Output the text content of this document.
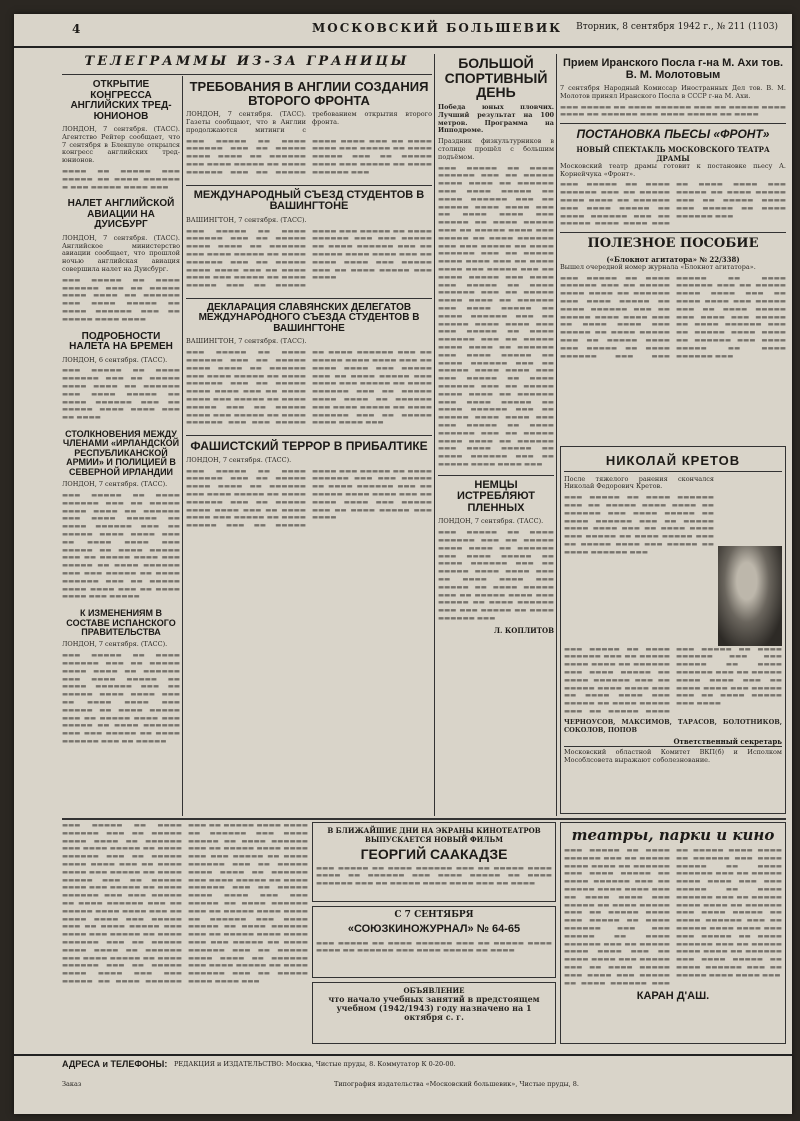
4	МОСКОВСКИЙ БОЛЬШЕВИК Вторник, 8 сентября 1942 г., № 211 (1103)
ТЕЛЕГРАММЫ ИЗ-ЗА ГРАНИЦЫ
ОТКРЫТИЕ КОНГРЕССА АНГЛИЙСКИХ ТРЕД-ЮНИОНОВ

ЛОНДОН, 7 сентября. (ТАСС). Агентство Рейтер сообщает, что 7 сентября в Блекпуле открылся конгресс английских тред-юнионов.

▬▬▬▬ ▬▬ ▬▬▬▬▬ ▬▬▬ ▬▬▬▬▬ ▬▬ ▬▬▬▬ ▬▬▬▬▬▬ ▬ ▬▬▬ ▬▬▬▬▬ ▬▬▬▬ ▬▬▬

НАЛЕТ АНГЛИЙСКОЙ АВИАЦИИ НА ДУИСБУРГ

ЛОНДОН, 7 сентября. (ТАСС). Английское министерство авиации сообщает, что прошлой ночью английская авиация совершила налет на Дуисбург.

▬▬▬ ▬▬▬▬▬ ▬▬ ▬▬▬▬ ▬▬▬▬▬▬ ▬▬▬ ▬▬ ▬▬▬▬▬ ▬▬▬▬ ▬▬▬▬ ▬▬ ▬▬▬▬▬▬ ▬▬▬ ▬▬▬▬ ▬▬▬▬▬ ▬▬ ▬▬▬▬ ▬▬▬▬▬▬ ▬▬▬ ▬▬ ▬▬▬▬▬ ▬▬▬▬ ▬▬▬▬

ПОДРОБНОСТИ НАЛЕТА НА БРЕМЕН

ЛОНДОН, 6 сентября. (ТАСС).

▬▬▬ ▬▬▬▬▬ ▬▬ ▬▬▬▬ ▬▬▬▬▬▬ ▬▬▬ ▬▬ ▬▬▬▬▬ ▬▬▬▬ ▬▬▬▬ ▬▬ ▬▬▬▬▬▬ ▬▬▬ ▬▬▬▬ ▬▬▬▬▬ ▬▬ ▬▬▬▬ ▬▬▬▬▬▬ ▬▬▬ ▬▬ ▬▬▬▬▬ ▬▬▬▬ ▬▬▬▬ ▬▬▬ ▬▬ ▬▬▬▬

СТОЛКНОВЕНИЯ МЕЖДУ ЧЛЕНАМИ «ИРЛАНДСКОЙ РЕСПУБЛИКАНСКОЙ АРМИИ» И ПОЛИЦИЕЙ В СЕВЕРНОЙ ИРЛАНДИИ

ЛОНДОН, 7 сентября. (ТАСС).

▬▬▬ ▬▬▬▬▬ ▬▬ ▬▬▬▬ ▬▬▬▬▬▬ ▬▬▬ ▬▬ ▬▬▬▬▬ ▬▬▬▬ ▬▬▬▬ ▬▬ ▬▬▬▬▬▬ ▬▬▬ ▬▬▬▬ ▬▬▬▬▬ ▬▬ ▬▬▬▬ ▬▬▬▬▬▬ ▬▬▬ ▬▬ ▬▬▬▬▬ ▬▬▬▬ ▬▬▬▬ ▬▬▬ ▬▬ ▬▬▬▬ ▬▬▬▬ ▬▬▬ ▬▬▬▬▬ ▬▬ ▬▬▬▬ ▬▬▬▬▬ ▬▬▬ ▬▬ ▬▬▬▬▬ ▬▬▬▬ ▬▬▬ ▬▬▬▬▬ ▬▬ ▬▬▬▬ ▬▬▬▬▬▬ ▬▬▬ ▬▬▬ ▬▬▬▬▬ ▬▬ ▬▬▬▬ ▬▬▬▬▬▬ ▬▬▬ ▬▬ ▬▬▬▬▬ ▬▬▬▬ ▬▬▬▬ ▬▬▬ ▬▬ ▬▬▬▬ ▬▬▬▬ ▬▬▬ ▬▬▬▬▬

К ИЗМЕНЕНИЯМ В СОСТАВЕ ИСПАНСКОГО ПРАВИТЕЛЬСТВА

ЛОНДОН, 7 сентября. (ТАСС).

▬▬▬ ▬▬▬▬▬ ▬▬ ▬▬▬▬ ▬▬▬▬▬▬ ▬▬▬ ▬▬ ▬▬▬▬▬ ▬▬▬▬ ▬▬▬▬ ▬▬ ▬▬▬▬▬▬ ▬▬▬ ▬▬▬▬ ▬▬▬▬▬ ▬▬ ▬▬▬▬ ▬▬▬▬▬▬ ▬▬▬ ▬▬ ▬▬▬▬▬ ▬▬▬▬ ▬▬▬▬ ▬▬▬ ▬▬ ▬▬▬▬ ▬▬▬▬ ▬▬▬ ▬▬▬▬▬ ▬▬ ▬▬▬▬ ▬▬▬▬▬ ▬▬▬ ▬▬ ▬▬▬▬▬ ▬▬▬▬ ▬▬▬ ▬▬▬▬▬ ▬▬ ▬▬▬▬ ▬▬▬▬▬▬ ▬▬▬ ▬▬▬ ▬▬▬▬▬ ▬▬ ▬▬▬▬ ▬▬▬▬▬▬ ▬▬▬ ▬▬ ▬▬▬▬▬

ТРЕБОВАНИЯ В АНГЛИИ СОЗДАНИЯ ВТОРОГО ФРОНТА

ЛОНДОН, 7 сентября. (ТАСС). Газеты сообщают, что в Англии продолжаются митинги с требованием открытия второго фронта.

▬▬▬ ▬▬▬▬▬ ▬▬ ▬▬▬▬ ▬▬▬▬▬▬ ▬▬▬ ▬▬ ▬▬▬▬▬ ▬▬▬▬ ▬▬▬▬ ▬▬ ▬▬▬▬▬▬ ▬▬▬ ▬▬▬▬ ▬▬▬▬▬ ▬▬ ▬▬▬▬ ▬▬▬▬▬▬ ▬▬▬ ▬▬ ▬▬▬▬▬ ▬▬▬▬ ▬▬▬▬ ▬▬▬ ▬▬ ▬▬▬▬ ▬▬▬▬ ▬▬▬ ▬▬▬▬▬ ▬▬ ▬▬▬▬ ▬▬▬▬▬ ▬▬▬ ▬▬ ▬▬▬▬▬ ▬▬▬▬ ▬▬▬ ▬▬▬▬▬ ▬▬ ▬▬▬▬ ▬▬▬▬▬▬ ▬▬▬

МЕЖДУНАРОДНЫЙ СЪЕЗД СТУДЕНТОВ В ВАШИНГТОНЕ

ВАШИНГТОН, 7 сентября. (ТАСС).

▬▬▬ ▬▬▬▬▬ ▬▬ ▬▬▬▬ ▬▬▬▬▬▬ ▬▬▬ ▬▬ ▬▬▬▬▬ ▬▬▬▬ ▬▬▬▬ ▬▬ ▬▬▬▬▬▬ ▬▬▬ ▬▬▬▬ ▬▬▬▬▬ ▬▬ ▬▬▬▬ ▬▬▬▬▬▬ ▬▬▬ ▬▬ ▬▬▬▬▬ ▬▬▬▬ ▬▬▬▬ ▬▬▬ ▬▬ ▬▬▬▬ ▬▬▬▬ ▬▬▬ ▬▬▬▬▬ ▬▬ ▬▬▬▬ ▬▬▬▬▬ ▬▬▬ ▬▬ ▬▬▬▬▬ ▬▬▬▬ ▬▬▬ ▬▬▬▬▬ ▬▬ ▬▬▬▬ ▬▬▬▬▬▬ ▬▬▬ ▬▬▬ ▬▬▬▬▬ ▬▬ ▬▬▬▬ ▬▬▬▬▬▬ ▬▬▬ ▬▬ ▬▬▬▬▬ ▬▬▬▬ ▬▬▬▬ ▬▬▬ ▬▬ ▬▬▬▬ ▬▬▬▬ ▬▬▬ ▬▬▬▬▬ ▬▬▬ ▬▬ ▬▬▬▬ ▬▬▬▬▬ ▬▬▬ ▬▬▬▬

ДЕКЛАРАЦИЯ СЛАВЯНСКИХ ДЕЛЕГАТОВ МЕЖДУНАРОДНОГО СЪЕЗДА СТУДЕНТОВ В ВАШИНГТОНЕ

ВАШИНГТОН, 7 сентября. (ТАСС).

▬▬▬ ▬▬▬▬▬ ▬▬ ▬▬▬▬ ▬▬▬▬▬▬ ▬▬▬ ▬▬ ▬▬▬▬▬ ▬▬▬▬ ▬▬▬▬ ▬▬ ▬▬▬▬▬▬ ▬▬▬ ▬▬▬▬ ▬▬▬▬▬ ▬▬ ▬▬▬▬ ▬▬▬▬▬▬ ▬▬▬ ▬▬ ▬▬▬▬▬ ▬▬▬▬ ▬▬▬▬ ▬▬▬ ▬▬ ▬▬▬▬ ▬▬▬▬ ▬▬▬ ▬▬▬▬▬ ▬▬ ▬▬▬▬ ▬▬▬▬▬ ▬▬▬ ▬▬ ▬▬▬▬▬ ▬▬▬▬ ▬▬▬ ▬▬▬▬▬ ▬▬ ▬▬▬▬ ▬▬▬▬▬▬ ▬▬▬ ▬▬▬ ▬▬▬▬▬ ▬▬ ▬▬▬▬ ▬▬▬▬▬▬ ▬▬▬ ▬▬ ▬▬▬▬▬ ▬▬▬▬ ▬▬▬▬ ▬▬▬ ▬▬ ▬▬▬▬ ▬▬▬▬ ▬▬▬ ▬▬▬▬▬ ▬▬▬ ▬▬ ▬▬▬▬ ▬▬▬▬▬ ▬▬▬ ▬▬▬▬ ▬▬▬ ▬▬▬▬▬ ▬▬ ▬▬▬▬ ▬▬▬▬▬▬ ▬▬▬ ▬▬ ▬▬▬▬▬ ▬▬▬▬ ▬▬▬▬ ▬▬ ▬▬▬▬▬▬ ▬▬▬ ▬▬▬▬ ▬▬▬▬▬ ▬▬ ▬▬▬▬ ▬▬▬▬▬▬ ▬▬▬ ▬▬ ▬▬▬▬▬ ▬▬▬▬ ▬▬▬▬ ▬▬▬

ФАШИСТСКИЙ ТЕРРОР В ПРИБАЛТИКЕ

ЛОНДОН, 7 сентября. (ТАСС).

▬▬▬ ▬▬▬▬▬ ▬▬ ▬▬▬▬ ▬▬▬▬▬▬ ▬▬▬ ▬▬ ▬▬▬▬▬ ▬▬▬▬ ▬▬▬▬ ▬▬ ▬▬▬▬▬▬ ▬▬▬ ▬▬▬▬ ▬▬▬▬▬ ▬▬ ▬▬▬▬ ▬▬▬▬▬▬ ▬▬▬ ▬▬ ▬▬▬▬▬ ▬▬▬▬ ▬▬▬▬ ▬▬▬ ▬▬ ▬▬▬▬ ▬▬▬▬ ▬▬▬ ▬▬▬▬▬ ▬▬ ▬▬▬▬ ▬▬▬▬▬ ▬▬▬ ▬▬ ▬▬▬▬▬ ▬▬▬▬ ▬▬▬ ▬▬▬▬▬ ▬▬ ▬▬▬▬ ▬▬▬▬▬▬ ▬▬▬ ▬▬▬ ▬▬▬▬▬ ▬▬ ▬▬▬▬ ▬▬▬▬▬▬ ▬▬▬ ▬▬ ▬▬▬▬▬ ▬▬▬▬ ▬▬▬▬ ▬▬▬ ▬▬ ▬▬▬▬ ▬▬▬▬ ▬▬▬ ▬▬▬▬▬ ▬▬▬ ▬▬ ▬▬▬▬ ▬▬▬▬▬ ▬▬▬ ▬▬▬▬

БОЛЬШОЙ СПОРТИВНЫЙ ДЕНЬ

Победа юных пловчих. Лучший результат на 100 метров. Программа на Ипподроме.

Праздник физкультурников в столице прошёл с большим подъёмом.

▬▬▬ ▬▬▬▬▬ ▬▬ ▬▬▬▬ ▬▬▬▬▬▬ ▬▬▬ ▬▬ ▬▬▬▬▬ ▬▬▬▬ ▬▬▬▬ ▬▬ ▬▬▬▬▬▬ ▬▬▬ ▬▬▬▬ ▬▬▬▬▬ ▬▬ ▬▬▬▬ ▬▬▬▬▬▬ ▬▬▬ ▬▬ ▬▬▬▬▬ ▬▬▬▬ ▬▬▬▬ ▬▬▬ ▬▬ ▬▬▬▬ ▬▬▬▬ ▬▬▬ ▬▬▬▬▬ ▬▬ ▬▬▬▬ ▬▬▬▬▬ ▬▬▬ ▬▬ ▬▬▬▬▬ ▬▬▬▬ ▬▬▬ ▬▬▬▬▬ ▬▬ ▬▬▬▬ ▬▬▬▬▬▬ ▬▬▬ ▬▬▬ ▬▬▬▬▬ ▬▬ ▬▬▬▬ ▬▬▬▬▬▬ ▬▬▬ ▬▬ ▬▬▬▬▬ ▬▬▬▬ ▬▬▬▬ ▬▬▬ ▬▬ ▬▬▬▬ ▬▬▬▬ ▬▬▬ ▬▬▬▬▬ ▬▬▬ ▬▬ ▬▬▬▬ ▬▬▬▬▬ ▬▬▬ ▬▬▬▬ ▬▬▬ ▬▬▬▬▬ ▬▬ ▬▬▬▬ ▬▬▬▬▬▬ ▬▬▬ ▬▬ ▬▬▬▬▬ ▬▬▬▬ ▬▬▬▬ ▬▬ ▬▬▬▬▬▬ ▬▬▬ ▬▬▬▬ ▬▬▬▬▬ ▬▬ ▬▬▬▬ ▬▬▬▬▬▬ ▬▬▬ ▬▬ ▬▬▬▬▬ ▬▬▬▬ ▬▬▬▬ ▬▬▬ ▬▬▬ ▬▬▬▬▬ ▬▬ ▬▬▬▬ ▬▬▬▬▬▬ ▬▬▬ ▬▬ ▬▬▬▬▬ ▬▬▬▬ ▬▬▬▬ ▬▬ ▬▬▬▬▬▬ ▬▬▬ ▬▬▬▬ ▬▬▬▬▬ ▬▬ ▬▬▬▬ ▬▬▬▬▬▬ ▬▬▬ ▬▬ ▬▬▬▬▬ ▬▬▬▬ ▬▬▬▬ ▬▬▬ ▬▬▬ ▬▬▬▬▬ ▬▬ ▬▬▬▬ ▬▬▬▬▬▬ ▬▬▬ ▬▬ ▬▬▬▬▬ ▬▬▬▬ ▬▬▬▬ ▬▬ ▬▬▬▬▬▬ ▬▬▬ ▬▬▬▬ ▬▬▬▬▬ ▬▬ ▬▬▬▬ ▬▬▬▬▬▬ ▬▬▬ ▬▬ ▬▬▬▬▬ ▬▬▬▬ ▬▬▬▬ ▬▬▬ ▬▬▬ ▬▬▬▬▬ ▬▬ ▬▬▬▬ ▬▬▬▬▬▬ ▬▬▬ ▬▬ ▬▬▬▬▬ ▬▬▬▬ ▬▬▬▬ ▬▬ ▬▬▬▬▬▬ ▬▬▬ ▬▬▬▬ ▬▬▬▬▬ ▬▬ ▬▬▬▬ ▬▬▬▬▬▬ ▬▬▬ ▬▬ ▬▬▬▬▬ ▬▬▬▬ ▬▬▬▬ ▬▬▬

НЕМЦЫ ИСТРЕБЛЯЮТ ПЛЕННЫХ

ЛОНДОН, 7 сентября. (ТАСС).

▬▬▬ ▬▬▬▬▬ ▬▬ ▬▬▬▬ ▬▬▬▬▬▬ ▬▬▬ ▬▬ ▬▬▬▬▬ ▬▬▬▬ ▬▬▬▬ ▬▬ ▬▬▬▬▬▬ ▬▬▬ ▬▬▬▬ ▬▬▬▬▬ ▬▬ ▬▬▬▬ ▬▬▬▬▬▬ ▬▬▬ ▬▬ ▬▬▬▬▬ ▬▬▬▬ ▬▬▬▬ ▬▬▬ ▬▬ ▬▬▬▬ ▬▬▬▬ ▬▬▬ ▬▬▬▬▬ ▬▬ ▬▬▬▬ ▬▬▬▬▬ ▬▬▬ ▬▬ ▬▬▬▬▬ ▬▬▬▬ ▬▬▬ ▬▬▬▬▬ ▬▬ ▬▬▬▬ ▬▬▬▬▬▬ ▬▬▬ ▬▬▬ ▬▬▬▬▬ ▬▬ ▬▬▬▬ ▬▬▬▬▬▬ ▬▬▬

Л. КОПЛИТОВ
Прием Иранского Посла г-на М. Ахи тов. В. М. Молотовым

7 сентября Народный Комиссар Иностранных Дел тов. В. М. Молотов принял Иранского Посла в СССР г-на М. Ахи.

▬▬▬ ▬▬▬▬▬ ▬▬ ▬▬▬▬ ▬▬▬▬▬▬ ▬▬▬ ▬▬ ▬▬▬▬▬ ▬▬▬▬ ▬▬▬▬ ▬▬ ▬▬▬▬▬▬ ▬▬▬ ▬▬▬▬ ▬▬▬▬▬ ▬▬ ▬▬▬▬

ПОСТАНОВКА ПЬЕСЫ «ФРОНТ»
НОВЫЙ СПЕКТАКЛЬ МОСКОВСКОГО ТЕАТРА ДРАМЫ

Московский театр драмы готовит к постановке пьесу А. Корнейчука «Фронт».

▬▬▬ ▬▬▬▬▬ ▬▬ ▬▬▬▬ ▬▬▬▬▬▬ ▬▬▬ ▬▬ ▬▬▬▬▬ ▬▬▬▬ ▬▬▬▬ ▬▬ ▬▬▬▬▬▬ ▬▬▬ ▬▬▬▬ ▬▬▬▬▬ ▬▬ ▬▬▬▬ ▬▬▬▬▬▬ ▬▬▬ ▬▬ ▬▬▬▬▬ ▬▬▬▬ ▬▬▬▬ ▬▬▬ ▬▬ ▬▬▬▬ ▬▬▬▬ ▬▬▬ ▬▬▬▬▬ ▬▬ ▬▬▬▬ ▬▬▬▬▬ ▬▬▬ ▬▬ ▬▬▬▬▬ ▬▬▬▬ ▬▬▬ ▬▬▬▬▬ ▬▬ ▬▬▬▬ ▬▬▬▬▬▬ ▬▬▬

ПОЛЕЗНОЕ ПОСОБИЕ
(«Блокнот агитатора» № 22/338)

Вышел очередной номер журнала «Блокнот агитатора».

▬▬▬ ▬▬▬▬▬ ▬▬ ▬▬▬▬ ▬▬▬▬▬▬ ▬▬▬ ▬▬ ▬▬▬▬▬ ▬▬▬▬ ▬▬▬▬ ▬▬ ▬▬▬▬▬▬ ▬▬▬ ▬▬▬▬ ▬▬▬▬▬ ▬▬ ▬▬▬▬ ▬▬▬▬▬▬ ▬▬▬ ▬▬ ▬▬▬▬▬ ▬▬▬▬ ▬▬▬▬ ▬▬▬ ▬▬ ▬▬▬▬ ▬▬▬▬ ▬▬▬ ▬▬▬▬▬ ▬▬ ▬▬▬▬ ▬▬▬▬▬ ▬▬▬ ▬▬ ▬▬▬▬▬ ▬▬▬▬ ▬▬▬ ▬▬▬▬▬ ▬▬ ▬▬▬▬ ▬▬▬▬▬▬ ▬▬▬ ▬▬▬ ▬▬▬▬▬ ▬▬ ▬▬▬▬ ▬▬▬▬▬▬ ▬▬▬ ▬▬ ▬▬▬▬▬ ▬▬▬▬ ▬▬▬▬ ▬▬▬ ▬▬ ▬▬▬▬ ▬▬▬▬ ▬▬▬ ▬▬▬▬▬ ▬▬▬ ▬▬ ▬▬▬▬ ▬▬▬▬▬ ▬▬▬ ▬▬▬▬ ▬▬▬ ▬▬▬▬▬ ▬▬ ▬▬▬▬ ▬▬▬▬▬▬ ▬▬▬ ▬▬ ▬▬▬▬▬ ▬▬▬▬ ▬▬▬▬ ▬▬ ▬▬▬▬▬▬ ▬▬▬ ▬▬▬▬ ▬▬▬▬▬ ▬▬ ▬▬▬▬ ▬▬▬▬▬▬ ▬▬▬

НИКОЛАЙ КРЕТОВ

После тяжелого ранения скончался Николай Федорович Кретов.

▬▬▬ ▬▬▬▬▬ ▬▬ ▬▬▬▬ ▬▬▬▬▬▬ ▬▬▬ ▬▬ ▬▬▬▬▬ ▬▬▬▬ ▬▬▬▬ ▬▬ ▬▬▬▬▬▬ ▬▬▬ ▬▬▬▬ ▬▬▬▬▬ ▬▬ ▬▬▬▬ ▬▬▬▬▬▬ ▬▬▬ ▬▬ ▬▬▬▬▬ ▬▬▬▬ ▬▬▬▬ ▬▬▬ ▬▬ ▬▬▬▬ ▬▬▬▬ ▬▬▬ ▬▬▬▬▬ ▬▬ ▬▬▬▬ ▬▬▬▬▬ ▬▬▬ ▬▬ ▬▬▬▬▬ ▬▬▬▬ ▬▬▬ ▬▬▬▬▬ ▬▬ ▬▬▬▬ ▬▬▬▬▬▬ ▬▬▬

▬▬▬ ▬▬▬▬▬ ▬▬ ▬▬▬▬ ▬▬▬▬▬▬ ▬▬▬ ▬▬ ▬▬▬▬▬ ▬▬▬▬ ▬▬▬▬ ▬▬ ▬▬▬▬▬▬ ▬▬▬ ▬▬▬▬ ▬▬▬▬▬ ▬▬ ▬▬▬▬ ▬▬▬▬▬▬ ▬▬▬ ▬▬ ▬▬▬▬▬ ▬▬▬▬ ▬▬▬▬ ▬▬▬ ▬▬ ▬▬▬▬ ▬▬▬▬ ▬▬▬ ▬▬▬▬▬ ▬▬ ▬▬▬▬ ▬▬▬▬▬ ▬▬▬ ▬▬ ▬▬▬▬▬ ▬▬▬▬ ▬▬▬ ▬▬▬▬▬ ▬▬ ▬▬▬▬ ▬▬▬▬▬▬ ▬▬▬ ▬▬▬ ▬▬▬▬▬ ▬▬ ▬▬▬▬ ▬▬▬▬▬▬ ▬▬▬ ▬▬ ▬▬▬▬▬ ▬▬▬▬ ▬▬▬▬ ▬▬▬ ▬▬ ▬▬▬▬ ▬▬▬▬ ▬▬▬ ▬▬▬▬▬ ▬▬▬ ▬▬ ▬▬▬▬ ▬▬▬▬▬ ▬▬▬ ▬▬▬▬

ЧЕРНОУСОВ, МАКСИМОВ, ТАРАСОВ, БОЛОТНИКОВ, СОКОЛОВ, ПОПОВ

Ответственный секретарь

Московский областной Комитет ВКП(б) и Исполком Мособлсовета выражают соболезнование.

В БЛИЖАЙШИЕ ДНИ НА ЭКРАНЫ КИНОТЕАТРОВ ВЫПУСКАЕТСЯ НОВЫЙ ФИЛЬМ
ГЕОРГИЙ СААКАДЗЕ

▬▬▬ ▬▬▬▬▬ ▬▬ ▬▬▬▬ ▬▬▬▬▬▬ ▬▬▬ ▬▬ ▬▬▬▬▬ ▬▬▬▬ ▬▬▬▬ ▬▬ ▬▬▬▬▬▬ ▬▬▬ ▬▬▬▬ ▬▬▬▬▬ ▬▬ ▬▬▬▬ ▬▬▬▬▬▬ ▬▬▬ ▬▬ ▬▬▬▬▬ ▬▬▬▬ ▬▬▬▬ ▬▬▬ ▬▬ ▬▬▬▬

С 7 СЕНТЯБРЯ
«СОЮЗКИНОЖУРНАЛ» № 64-65

▬▬▬ ▬▬▬▬▬ ▬▬ ▬▬▬▬ ▬▬▬▬▬▬ ▬▬▬ ▬▬ ▬▬▬▬▬ ▬▬▬▬ ▬▬▬▬ ▬▬ ▬▬▬▬▬▬ ▬▬▬ ▬▬▬▬ ▬▬▬▬▬ ▬▬ ▬▬▬▬

ОБЪЯВЛЕНИЕ

что начало учебных занятий в предстоящем учебном (1942/1943) году назначено на 1 октября с. г.

театры, парки и кино

▬▬▬ ▬▬▬▬▬ ▬▬ ▬▬▬▬ ▬▬▬▬▬▬ ▬▬▬ ▬▬ ▬▬▬▬▬ ▬▬▬▬ ▬▬▬▬ ▬▬ ▬▬▬▬▬▬ ▬▬▬ ▬▬▬▬ ▬▬▬▬▬ ▬▬ ▬▬▬▬ ▬▬▬▬▬▬ ▬▬▬ ▬▬ ▬▬▬▬▬ ▬▬▬▬ ▬▬▬▬ ▬▬▬ ▬▬ ▬▬▬▬ ▬▬▬▬ ▬▬▬ ▬▬▬▬▬ ▬▬ ▬▬▬▬ ▬▬▬▬▬ ▬▬▬ ▬▬ ▬▬▬▬▬ ▬▬▬▬ ▬▬▬ ▬▬▬▬▬ ▬▬ ▬▬▬▬ ▬▬▬▬▬▬ ▬▬▬ ▬▬▬ ▬▬▬▬▬ ▬▬ ▬▬▬▬ ▬▬▬▬▬▬ ▬▬▬ ▬▬ ▬▬▬▬▬ ▬▬▬▬ ▬▬▬▬ ▬▬▬ ▬▬ ▬▬▬▬ ▬▬▬▬ ▬▬▬ ▬▬▬▬▬ ▬▬▬ ▬▬ ▬▬▬▬ ▬▬▬▬▬ ▬▬▬ ▬▬▬▬ ▬▬▬ ▬▬▬▬▬ ▬▬ ▬▬▬▬ ▬▬▬▬▬▬ ▬▬▬ ▬▬ ▬▬▬▬▬ ▬▬▬▬ ▬▬▬▬ ▬▬ ▬▬▬▬▬▬ ▬▬▬ ▬▬▬▬ ▬▬▬▬▬ ▬▬ ▬▬▬▬ ▬▬▬▬▬▬ ▬▬▬ ▬▬ ▬▬▬▬▬ ▬▬▬▬ ▬▬▬▬ ▬▬▬ ▬▬▬ ▬▬▬▬▬ ▬▬ ▬▬▬▬ ▬▬▬▬▬▬ ▬▬▬ ▬▬ ▬▬▬▬▬ ▬▬▬▬ ▬▬▬▬ ▬▬ ▬▬▬▬▬▬ ▬▬▬ ▬▬▬▬ ▬▬▬▬▬ ▬▬ ▬▬▬▬ ▬▬▬▬▬▬ ▬▬▬ ▬▬ ▬▬▬▬▬ ▬▬▬▬ ▬▬▬▬ ▬▬▬ ▬▬▬ ▬▬▬▬▬ ▬▬ ▬▬▬▬ ▬▬▬▬▬▬ ▬▬▬ ▬▬ ▬▬▬▬▬ ▬▬▬▬ ▬▬▬▬ ▬▬ ▬▬▬▬▬▬ ▬▬▬ ▬▬▬▬ ▬▬▬▬▬ ▬▬ ▬▬▬▬ ▬▬▬▬▬▬ ▬▬▬ ▬▬ ▬▬▬▬▬ ▬▬▬▬ ▬▬▬▬ ▬▬▬

КАРАН Д'АШ.

▬▬▬ ▬▬▬▬▬ ▬▬ ▬▬▬▬ ▬▬▬▬▬▬ ▬▬▬ ▬▬ ▬▬▬▬▬ ▬▬▬▬ ▬▬▬▬ ▬▬ ▬▬▬▬▬▬ ▬▬▬ ▬▬▬▬ ▬▬▬▬▬ ▬▬ ▬▬▬▬ ▬▬▬▬▬▬ ▬▬▬ ▬▬ ▬▬▬▬▬ ▬▬▬▬ ▬▬▬▬ ▬▬▬ ▬▬ ▬▬▬▬ ▬▬▬▬ ▬▬▬ ▬▬▬▬▬ ▬▬ ▬▬▬▬ ▬▬▬▬▬ ▬▬▬ ▬▬ ▬▬▬▬▬ ▬▬▬▬ ▬▬▬ ▬▬▬▬▬ ▬▬ ▬▬▬▬ ▬▬▬▬▬▬ ▬▬▬ ▬▬▬ ▬▬▬▬▬ ▬▬ ▬▬▬▬ ▬▬▬▬▬▬ ▬▬▬ ▬▬ ▬▬▬▬▬ ▬▬▬▬ ▬▬▬▬ ▬▬▬ ▬▬ ▬▬▬▬ ▬▬▬▬ ▬▬▬ ▬▬▬▬▬ ▬▬▬ ▬▬ ▬▬▬▬ ▬▬▬▬▬ ▬▬▬ ▬▬▬▬ ▬▬▬ ▬▬▬▬▬ ▬▬ ▬▬▬▬ ▬▬▬▬▬▬ ▬▬▬ ▬▬ ▬▬▬▬▬ ▬▬▬▬ ▬▬▬▬ ▬▬ ▬▬▬▬▬▬ ▬▬▬ ▬▬▬▬ ▬▬▬▬▬ ▬▬ ▬▬▬▬ ▬▬▬▬▬▬ ▬▬▬ ▬▬ ▬▬▬▬▬ ▬▬▬▬ ▬▬▬▬ ▬▬▬ ▬▬▬ ▬▬▬▬▬ ▬▬ ▬▬▬▬ ▬▬▬▬▬▬ ▬▬▬ ▬▬ ▬▬▬▬▬ ▬▬▬▬ ▬▬▬▬ ▬▬ ▬▬▬▬▬▬ ▬▬▬ ▬▬▬▬ ▬▬▬▬▬ ▬▬ ▬▬▬▬ ▬▬▬▬▬▬ ▬▬▬ ▬▬ ▬▬▬▬▬ ▬▬▬▬ ▬▬▬▬ ▬▬▬ ▬▬▬ ▬▬▬▬▬ ▬▬ ▬▬▬▬ ▬▬▬▬▬▬ ▬▬▬ ▬▬ ▬▬▬▬▬ ▬▬▬▬ ▬▬▬▬ ▬▬ ▬▬▬▬▬▬ ▬▬▬ ▬▬▬▬ ▬▬▬▬▬ ▬▬ ▬▬▬▬ ▬▬▬▬▬▬ ▬▬▬ ▬▬ ▬▬▬▬▬ ▬▬▬▬ ▬▬▬▬ ▬▬▬ ▬▬▬ ▬▬▬▬▬ ▬▬ ▬▬▬▬ ▬▬▬▬▬▬ ▬▬▬ ▬▬ ▬▬▬▬▬ ▬▬▬▬ ▬▬▬▬ ▬▬ ▬▬▬▬▬▬ ▬▬▬ ▬▬▬▬ ▬▬▬▬▬ ▬▬ ▬▬▬▬ ▬▬▬▬▬▬ ▬▬▬ ▬▬ ▬▬▬▬▬ ▬▬▬▬ ▬▬▬▬ ▬▬▬ ▬▬▬ ▬▬▬▬▬ ▬▬ ▬▬▬▬ ▬▬▬▬▬▬ ▬▬▬ ▬▬ ▬▬▬▬▬ ▬▬▬▬ ▬▬▬▬ ▬▬ ▬▬▬▬▬▬ ▬▬▬ ▬▬▬▬ ▬▬▬▬▬ ▬▬ ▬▬▬▬ ▬▬▬▬▬▬ ▬▬▬ ▬▬ ▬▬▬▬▬ ▬▬▬▬ ▬▬▬▬ ▬▬▬

АДРЕСА и ТЕЛЕФОНЫ:	РЕДАКЦИЯ и ИЗДАТЕЛЬСТВО: Москва, Чистые пруды, 8. Коммутатор К 0-20-00.
Заказ	Типография издательства «Московский большевик», Чистые пруды, 8.
